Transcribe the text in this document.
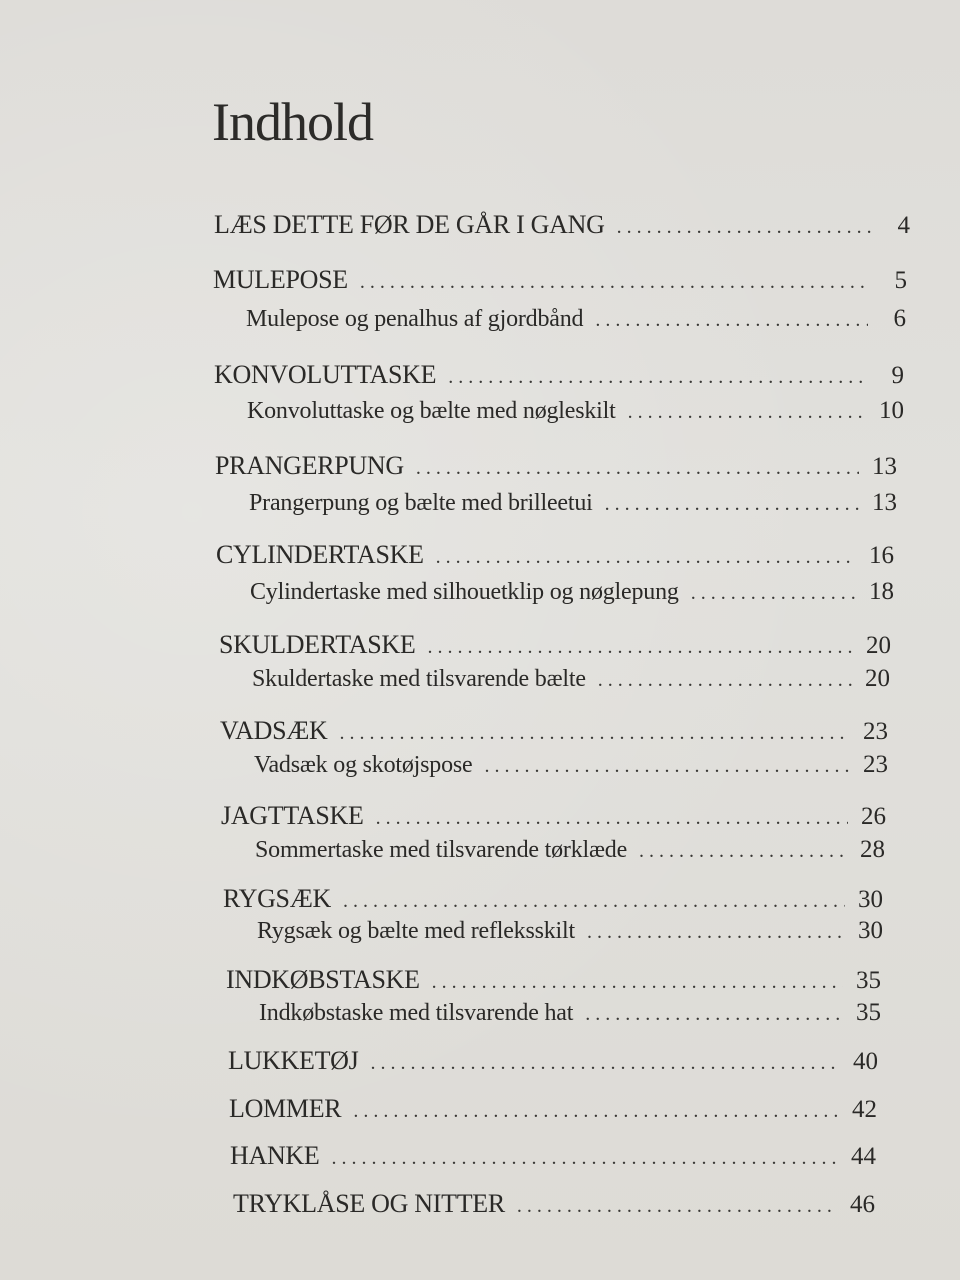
Indhold
LÆS DETTE FØR DE GÅR I GANG . . .	4
MULEPOSE . . .	5
Mulepose og penalhus af gjordbånd . . .	6
KONVOLUTTASKE . . .	9
Konvoluttaske og bælte med nøgleskilt . . .	10
PRANGERPUNG . . .	13
Prangerpung og bælte med brilleetui . . .	13
CYLINDERTASKE . . .	16
Cylindertaske med silhouetklip og nøglepung . . .	18
SKULDERTASKE . . .	20
Skuldertaske med tilsvarende bælte . . .	20
VADSÆK . . .	23
Vadsæk og skotøjspose . . .	23
JAGTTASKE . . .	26
Sommertaske med tilsvarende tørklæde . . .	28
RYGSÆK . . .	30
Rygsæk og bælte med refleksskilt . . .	30
INDKØBSTASKE . . .	35
Indkøbstaske med tilsvarende hat . . .	35
LUKKETØJ . . .	40
LOMMER . . .	42
HANKE . . .	44
TRYKLÅSE OG NITTER . . .	46
